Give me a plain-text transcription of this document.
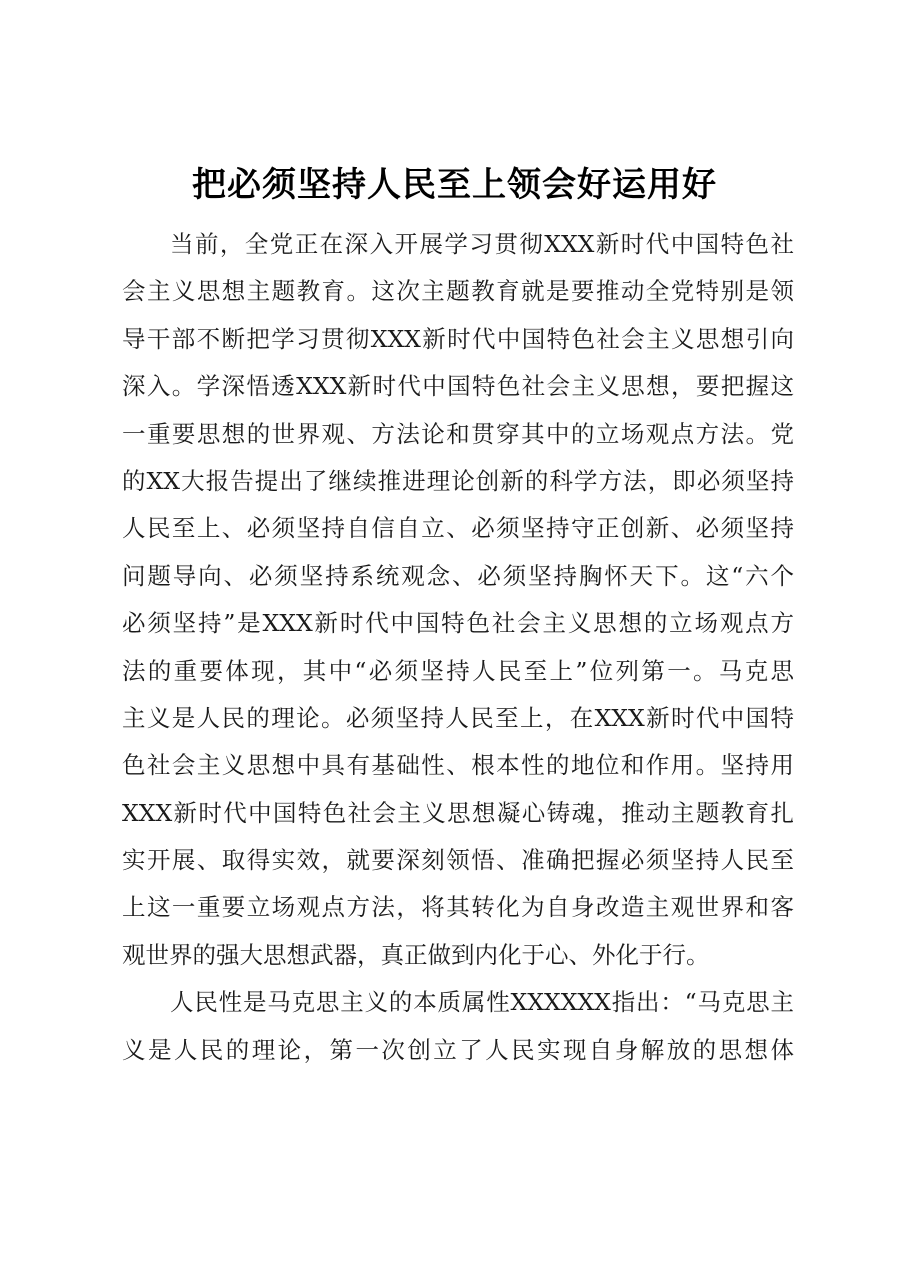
把必须坚持人民至上领会好运用好
当前，全党正在深入开展学习贯彻XXX新时代中国特色社
会主义思想主题教育。这次主题教育就是要推动全党特别是领
导干部不断把学习贯彻XXX新时代中国特色社会主义思想引向
深入。学深悟透XXX新时代中国特色社会主义思想，要把握这
一重要思想的世界观、方法论和贯穿其中的立场观点方法。党
的XX大报告提出了继续推进理论创新的科学方法，即必须坚持
人民至上、必须坚持自信自立、必须坚持守正创新、必须坚持
问题导向、必须坚持系统观念、必须坚持胸怀天下。这“六个
必须坚持”是XXX新时代中国特色社会主义思想的立场观点方
法的重要体现，其中“必须坚持人民至上”位列第一。马克思
主义是人民的理论。必须坚持人民至上，在XXX新时代中国特
色社会主义思想中具有基础性、根本性的地位和作用。坚持用
XXX新时代中国特色社会主义思想凝心铸魂，推动主题教育扎
实开展、取得实效，就要深刻领悟、准确把握必须坚持人民至
上这一重要立场观点方法，将其转化为自身改造主观世界和客
观世界的强大思想武器，真正做到内化于心、外化于行。
人民性是马克思主义的本质属性XXXXXX指出：“马克思主
义是人民的理论，第一次创立了人民实现自身解放的思想体
